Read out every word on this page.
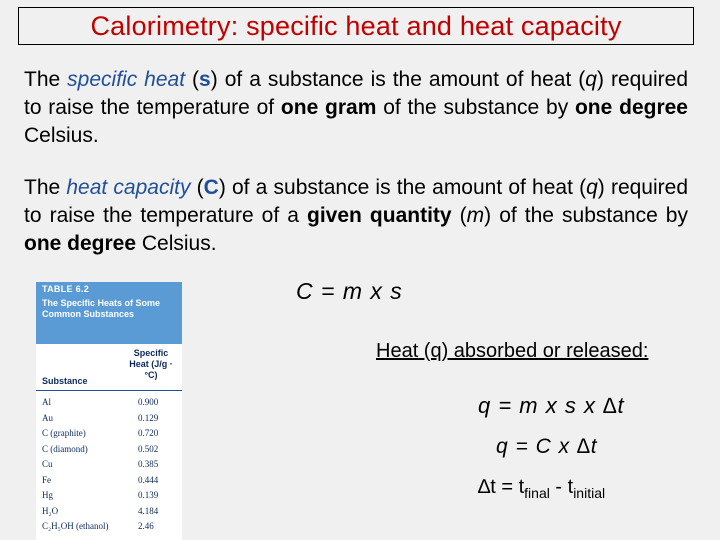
Calorimetry: specific heat and heat capacity
The specific heat (s) of a substance is the amount of heat (q) required to raise the temperature of one gram of the substance by one degree Celsius.
The heat capacity (C) of a substance is the amount of heat (q) required to raise the temperature of a given quantity (m) of the substance by one degree Celsius.
TABLE 6.2
The Specific Heats of Some Common Substances
Substance
Specific Heat (J/g · °C)
Al	0.900
Au	0.129
C (graphite)	0.720
C (diamond)	0.502
Cu	0.385
Fe	0.444
Hg	0.139
H₂O	4.184
C₂H₅OH (ethanol)	2.46
C = m x s
Heat (q) absorbed or released:
q = m x s x ∆t
q = C x ∆t
$\Delta t = t_{final} - t_{initial}$
